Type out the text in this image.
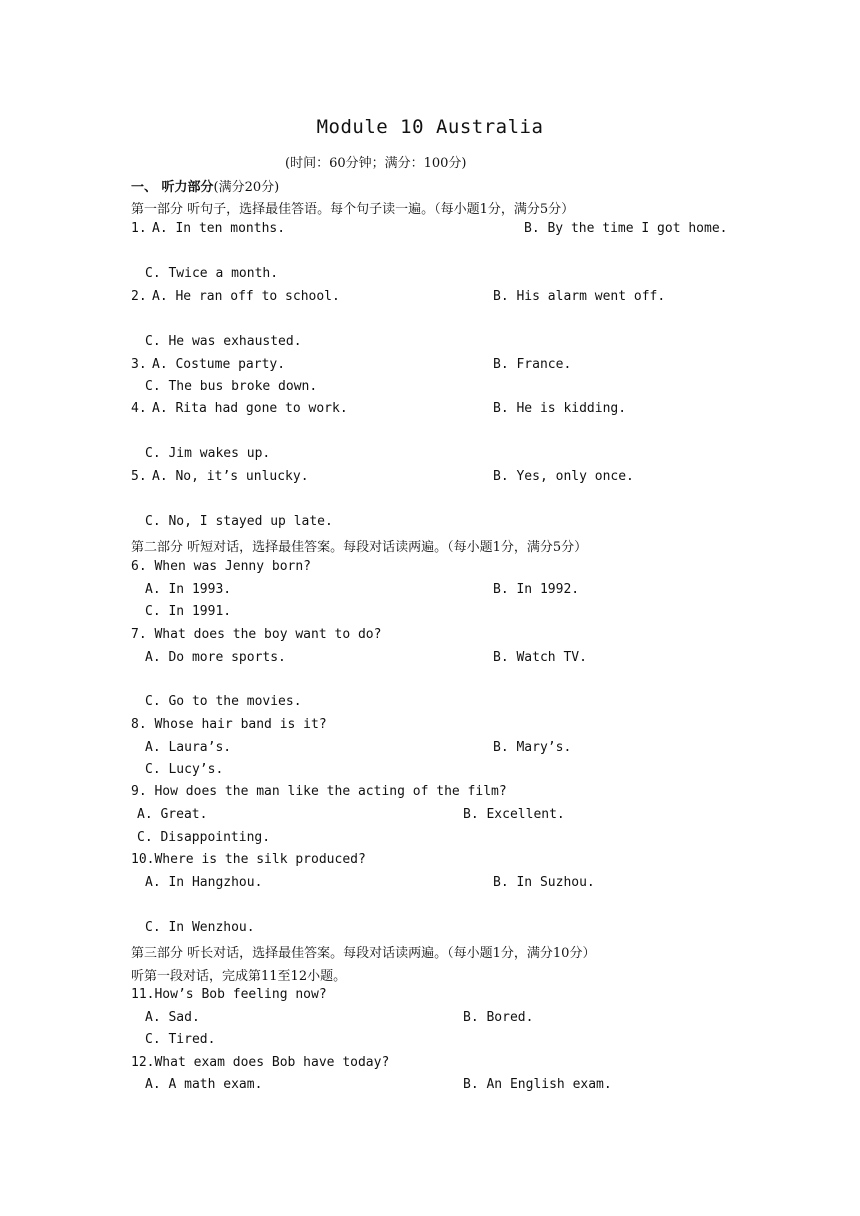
Module 10 Australia
(时间：60分钟；满分：100分)
一、 听力部分(满分20分)
第一部分 听句子，选择最佳答语。每个句子读一遍。（每小题1分，满分5分）
1. A. In ten months.	B. By the time I got home.
C. Twice a month.
2. A. He ran off to school.	B. His alarm went off.
C. He was exhausted.
3. A. Costume party.	B. France.
C. The bus broke down.
4. A. Rita had gone to work.	B. He is kidding.
C. Jim wakes up.
5. A. No, it’s unlucky.	B. Yes, only once.
C. No, I stayed up late.
第二部分 听短对话，选择最佳答案。每段对话读两遍。（每小题1分，满分5分）
6. When was Jenny born?
A. In 1993.	B. In 1992.
C. In 1991.
7. What does the boy want to do?
A. Do more sports.	B. Watch TV.
C. Go to the movies.
8. Whose hair band is it?
A. Laura’s.	B. Mary’s.
C. Lucy’s.
9. How does the man like the acting of the film?
A. Great.	B. Excellent.
C. Disappointing.
10.Where is the silk produced?
A. In Hangzhou.	B. In Suzhou.
C. In Wenzhou.
第三部分 听长对话，选择最佳答案。每段对话读两遍。（每小题1分，满分10分）
听第一段对话，完成第11至12小题。
11.How’s Bob feeling now?
A. Sad.	B. Bored.
C. Tired.
12.What exam does Bob have today?
A. A math exam.	B. An English exam.
